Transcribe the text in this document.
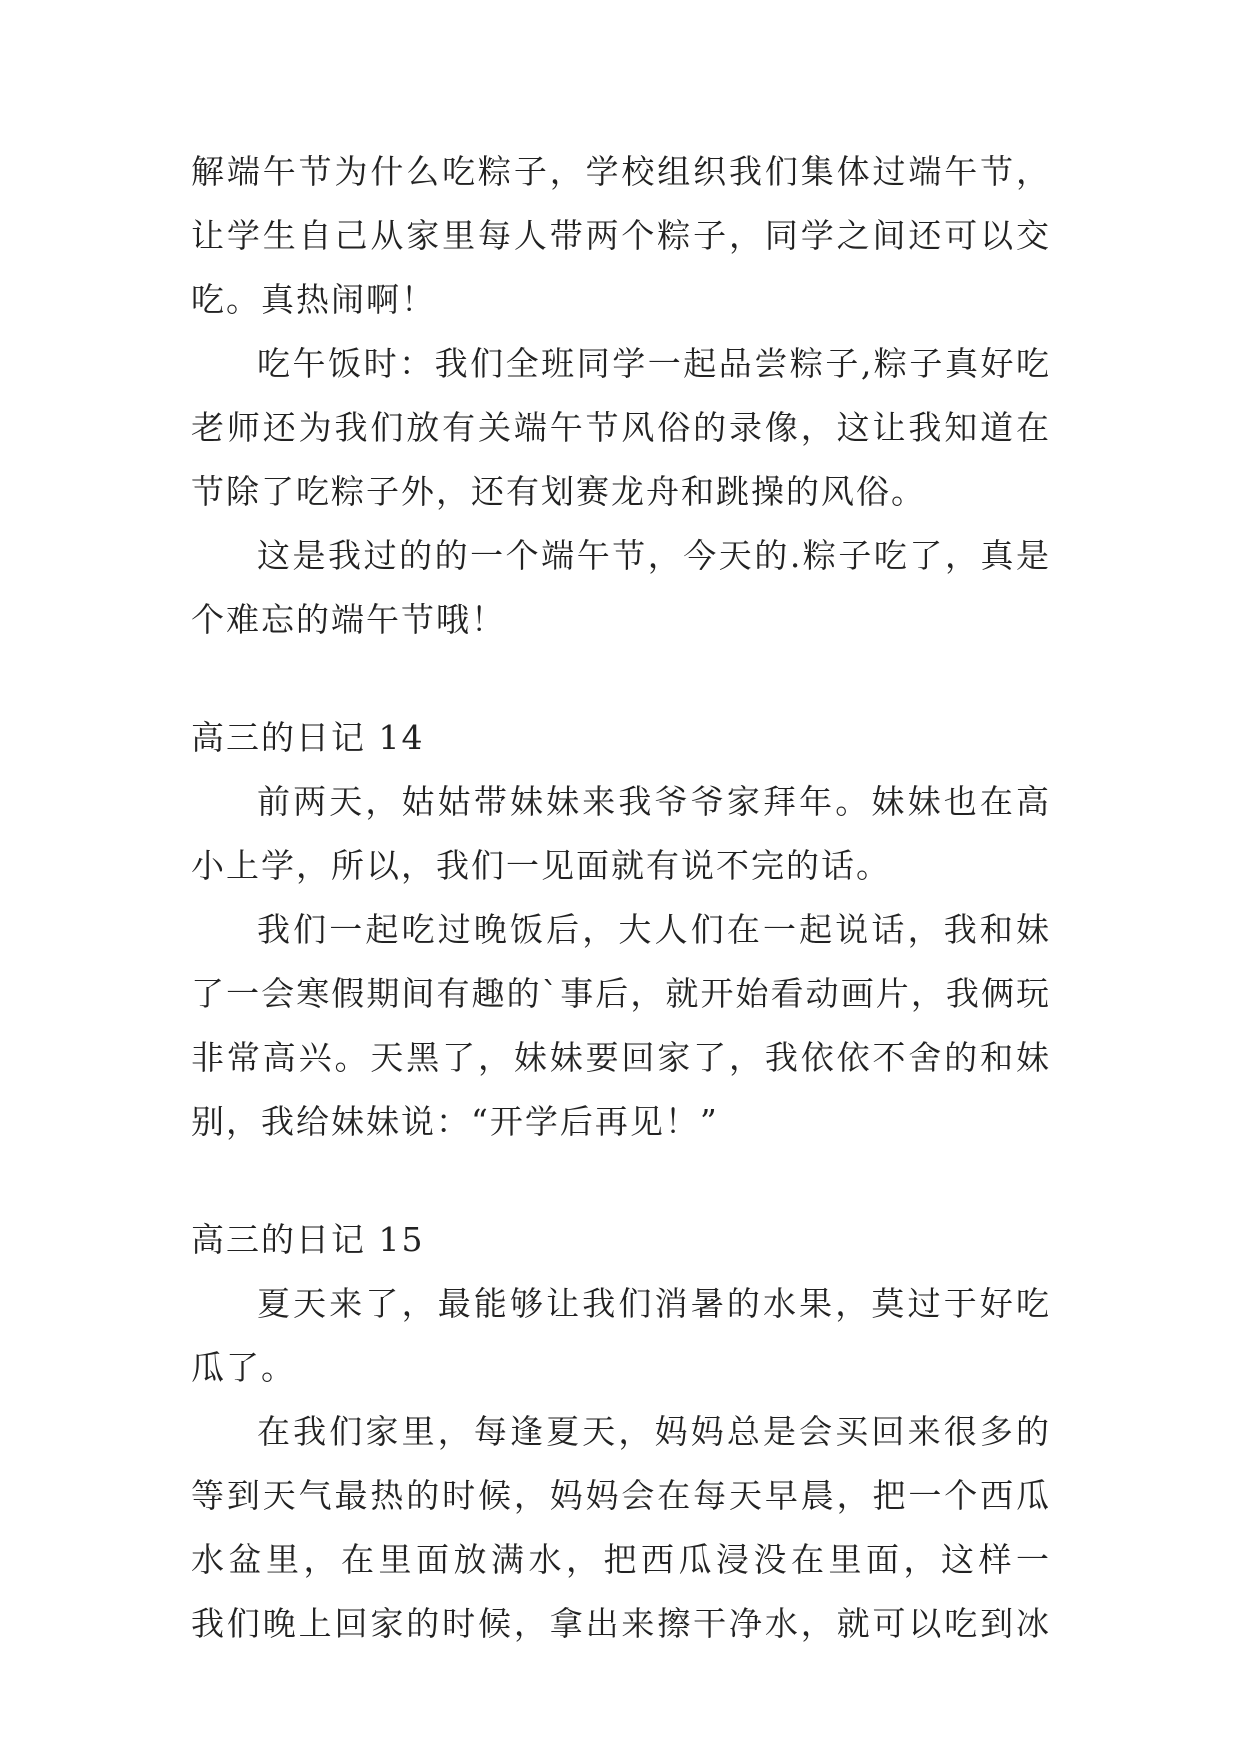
解端午节为什么吃粽子，学校组织我们集体过端午节，
让学生自己从家里每人带两个粽子，同学之间还可以交
吃。真热闹啊！
吃午饭时：我们全班同学一起品尝粽子,粽子真好吃
老师还为我们放有关端午节风俗的录像，这让我知道在
节除了吃粽子外，还有划赛龙舟和跳操的风俗。
这是我过的的一个端午节，今天的.粽子吃了，真是
个难忘的端午节哦！
高三的日记 14
前两天，姑姑带妹妹来我爷爷家拜年。妹妹也在高
小上学，所以，我们一见面就有说不完的话。
我们一起吃过晚饭后，大人们在一起说话，我和妹
了一会寒假期间有趣的`事后，就开始看动画片，我俩玩
非常高兴。天黑了，妹妹要回家了，我依依不舍的和妹
别，我给妹妹说：“开学后再见！”
高三的日记 15
夏天来了，最能够让我们消暑的水果，莫过于好吃
瓜了。
在我们家里，每逢夏天，妈妈总是会买回来很多的
等到天气最热的时候，妈妈会在每天早晨，把一个西瓜
水盆里，在里面放满水，把西瓜浸没在里面，这样一
我们晚上回家的时候，拿出来擦干净水，就可以吃到冰
